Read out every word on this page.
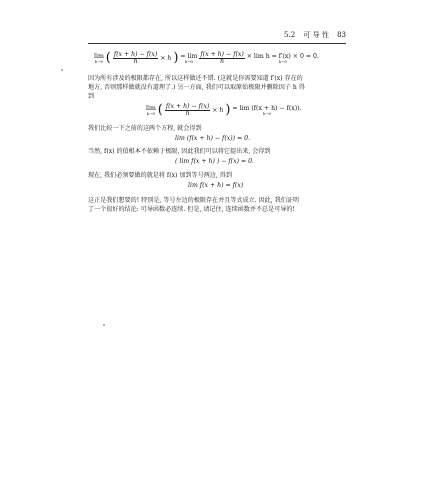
5.2 可 导 性 83
lim
h→0 ( $\frac{f(x + h) - f(x)}{h} \times h$ ) = lim
h→0
	$\frac{f(x + h) - f(x)}{h} \times \lim h = f'(x) \times 0 = 0$.
h→0
因为所有涉及的极限都存在, 所以这样做还不错. (这就是你需要知道 f′(x) 存在的
地方, 否则那样做就没有道理了.) 另一方面, 我们可以取原始极限并删除因子 h 得
到
lim
h→0 ( $\frac{f(x + h) - f(x)}{h} \times h$ ) = lim (f(x + h) − f(x)).
h→0
我们比较一下之前的这两个方程, 就会得到
lim (f(x + h) − f(x)) = 0.
当然, f(x) 的值根本不依赖于极限, 因此我们可以将它提出来, 会得到
( lim f(x + h) ) − f(x) = 0.
现在, 我们必须要做的就是将 f(x) 加到等号两边, 得到
lim f(x + h) = f(x)
这正是我们想要的! 特别是, 等号左边的极限存在并且等式成立. 因此, 我们证明
了一个很好的结论: 可导函数必连续. 但是, 请记住, 连续函数并不总是可导的!
